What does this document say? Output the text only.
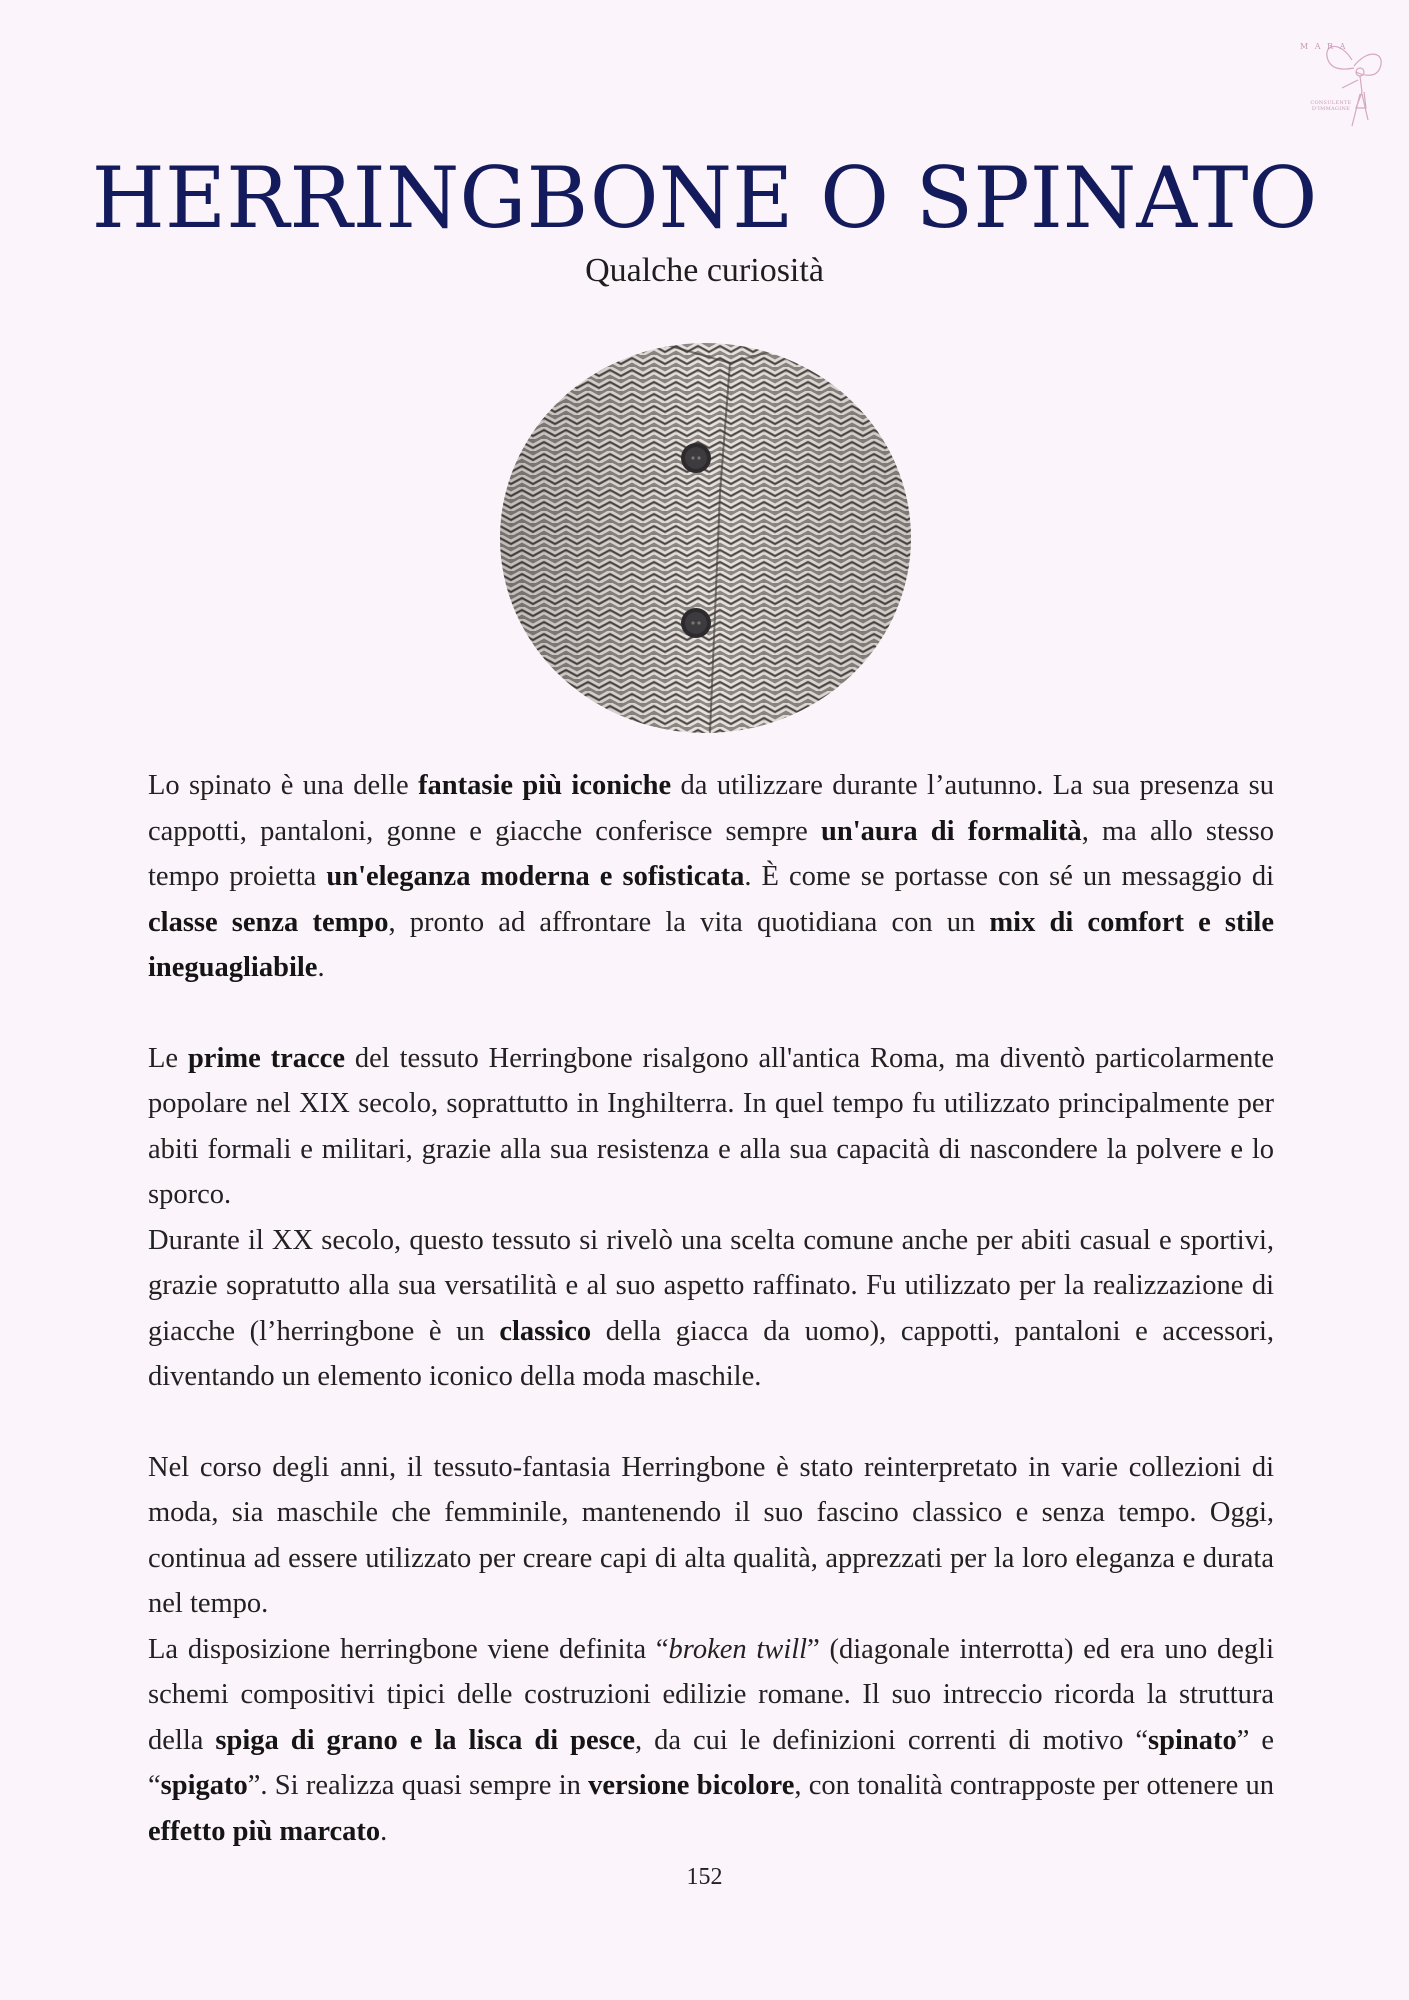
M A R A
CONSULENTE D'IMMAGINE
HERRINGBONE O SPINATO
Qualche curiosità

Lo spinato è una delle fantasie più iconiche da utilizzare durante l’autunno. La sua presenza su cappotti, pantaloni, gonne e giacche conferisce sempre un'aura di formalità, ma allo stesso tempo proietta un'eleganza moderna e sofisticata. È come se portasse con sé un messaggio di classe senza tempo, pronto ad affrontare la vita quotidiana con un mix di comfort e stile ineguagliabile.

Le prime tracce del tessuto Herringbone risalgono all'antica Roma, ma diventò particolarmente popolare nel XIX secolo, soprattutto in Inghilterra. In quel tempo fu utilizzato principalmente per abiti formali e militari, grazie alla sua resistenza e alla sua capacità di nascondere la polvere e lo sporco.

Durante il XX secolo, questo tessuto si rivelò una scelta comune anche per abiti casual e sportivi, grazie sopratutto alla sua versatilità e al suo aspetto raffinato. Fu utilizzato per la realizzazione di giacche (l’herringbone è un classico della giacca da uomo), cappotti, pantaloni e accessori, diventando un elemento iconico della moda maschile.

Nel corso degli anni, il tessuto-fantasia Herringbone è stato reinterpretato in varie collezioni di moda, sia maschile che femminile, mantenendo il suo fascino classico e senza tempo. Oggi, continua ad essere utilizzato per creare capi di alta qualità, apprezzati per la loro eleganza e durata nel tempo.

La disposizione herringbone viene definita “broken twill” (diagonale interrotta) ed era uno degli schemi compositivi tipici delle costruzioni edilizie romane. Il suo intreccio ricorda la struttura della spiga di grano e la lisca di pesce, da cui le definizioni correnti di motivo “spinato” e “spigato”. Si realizza quasi sempre in versione bicolore, con tonalità contrapposte per ottenere un effetto più marcato.

152
